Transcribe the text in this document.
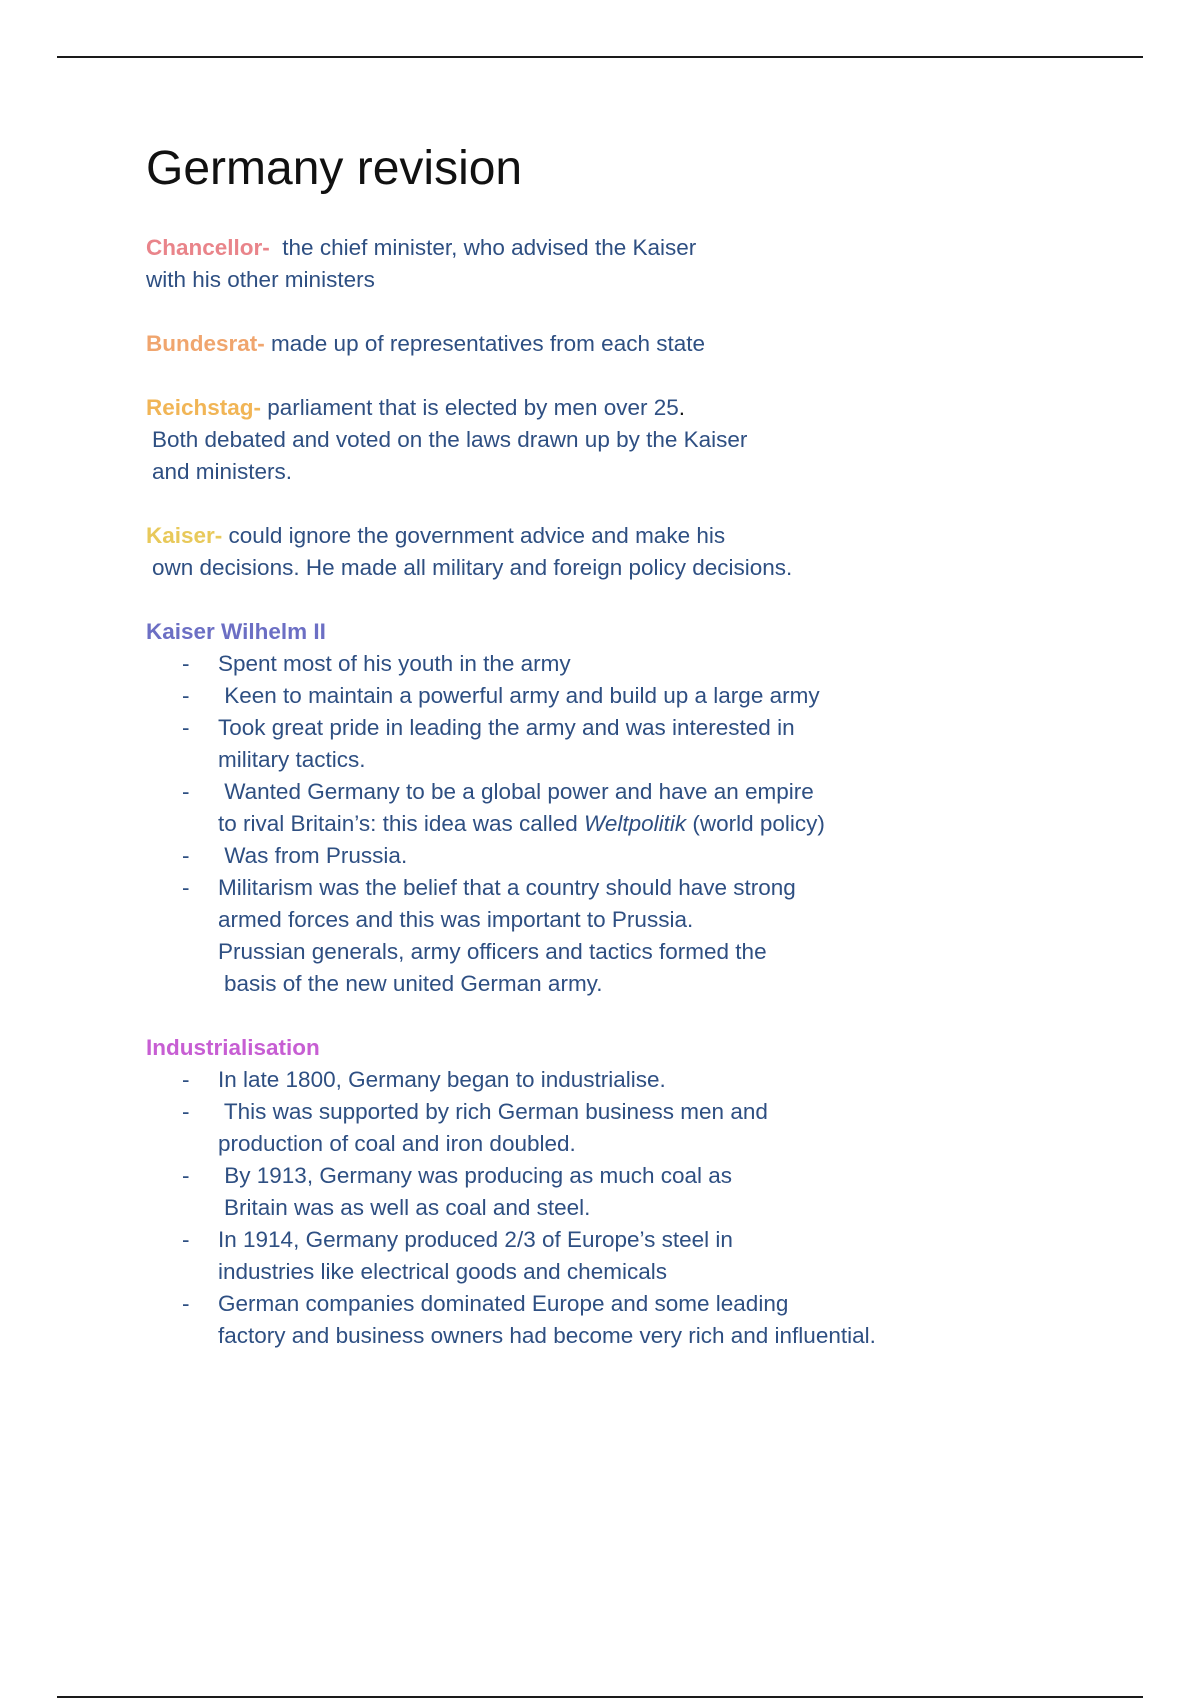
Germany revision

Chancellor-  the chief minister, who advised the Kaiser
with his other ministers

Bundesrat- made up of representatives from each state

Reichstag- parliament that is elected by men over 25.
Both debated and voted on the laws drawn up by the Kaiser
and ministers.

Kaiser- could ignore the government advice and make his
own decisions. He made all military and foreign policy decisions.

Kaiser Wilhelm II

- Spent most of his youth in the army
-  Keen to maintain a powerful army and build up a large army
- Took great pride in leading the army and was interested in
military tactics.
-  Wanted Germany to be a global power and have an empire
to rival Britain’s: this idea was called Weltpolitik (world policy)
-  Was from Prussia.
- Militarism was the belief that a country should have strong
armed forces and this was important to Prussia.
Prussian generals, army officers and tactics formed the
basis of the new united German army.

Industrialisation

- In late 1800, Germany began to industrialise.
-  This was supported by rich German business men and
production of coal and iron doubled.
-  By 1913, Germany was producing as much coal as
Britain was as well as coal and steel.
- In 1914, Germany produced 2/3 of Europe’s steel in
industries like electrical goods and chemicals
- German companies dominated Europe and some leading
factory and business owners had become very rich and influential.
